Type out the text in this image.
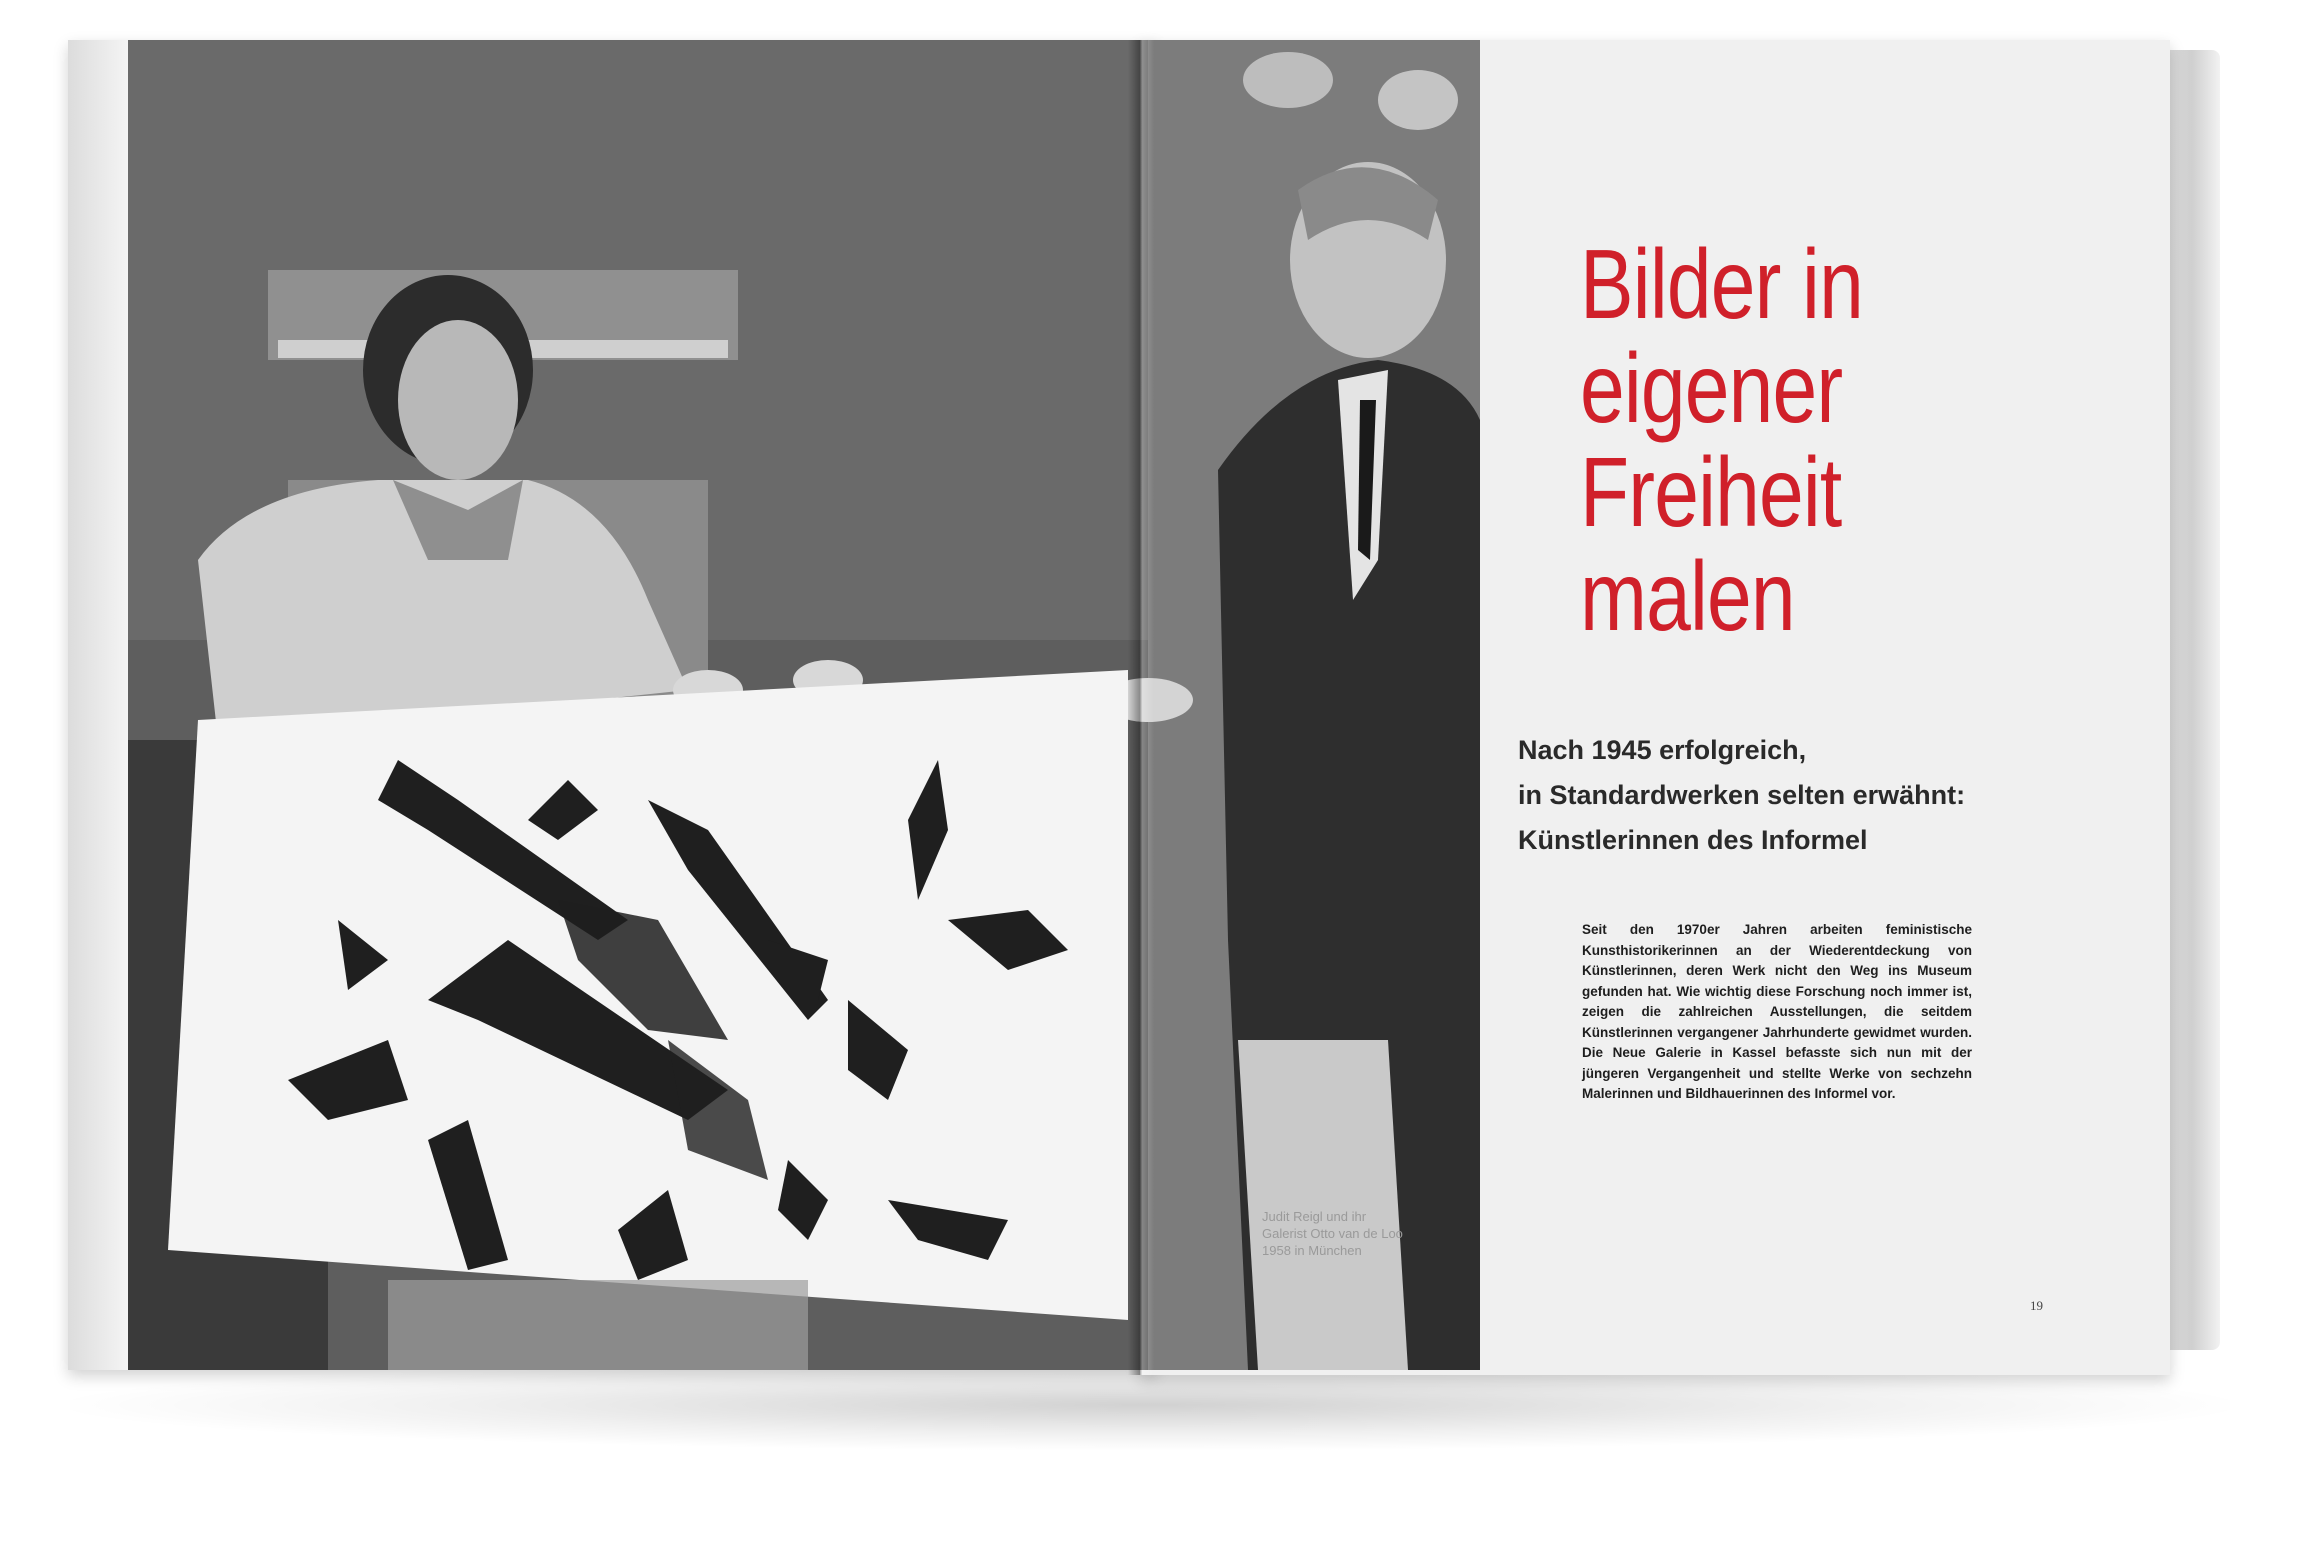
Judit Reigl und ihr
Galerist Otto van de Loo
1958 in München
Bilder in
eigener
Freiheit
malen
Nach 1945 erfolgreich,
in Standardwerken selten erwähnt:
Künstlerinnen des Informel
Seit den 1970er Jahren arbeiten feministische Kunsthistorikerinnen an der Wiederentdeckung von Künstlerinnen, deren Werk nicht den Weg ins Museum gefunden hat. Wie wichtig diese Forschung noch immer ist, zeigen die zahlreichen Ausstellungen, die seitdem Künstlerinnen vergangener Jahrhunderte gewidmet wurden. Die Neue Galerie in Kassel befasste sich nun mit der jüngeren Vergangenheit und stellte Werke von sechzehn Malerinnen und Bildhauerinnen des Informel vor.
19
